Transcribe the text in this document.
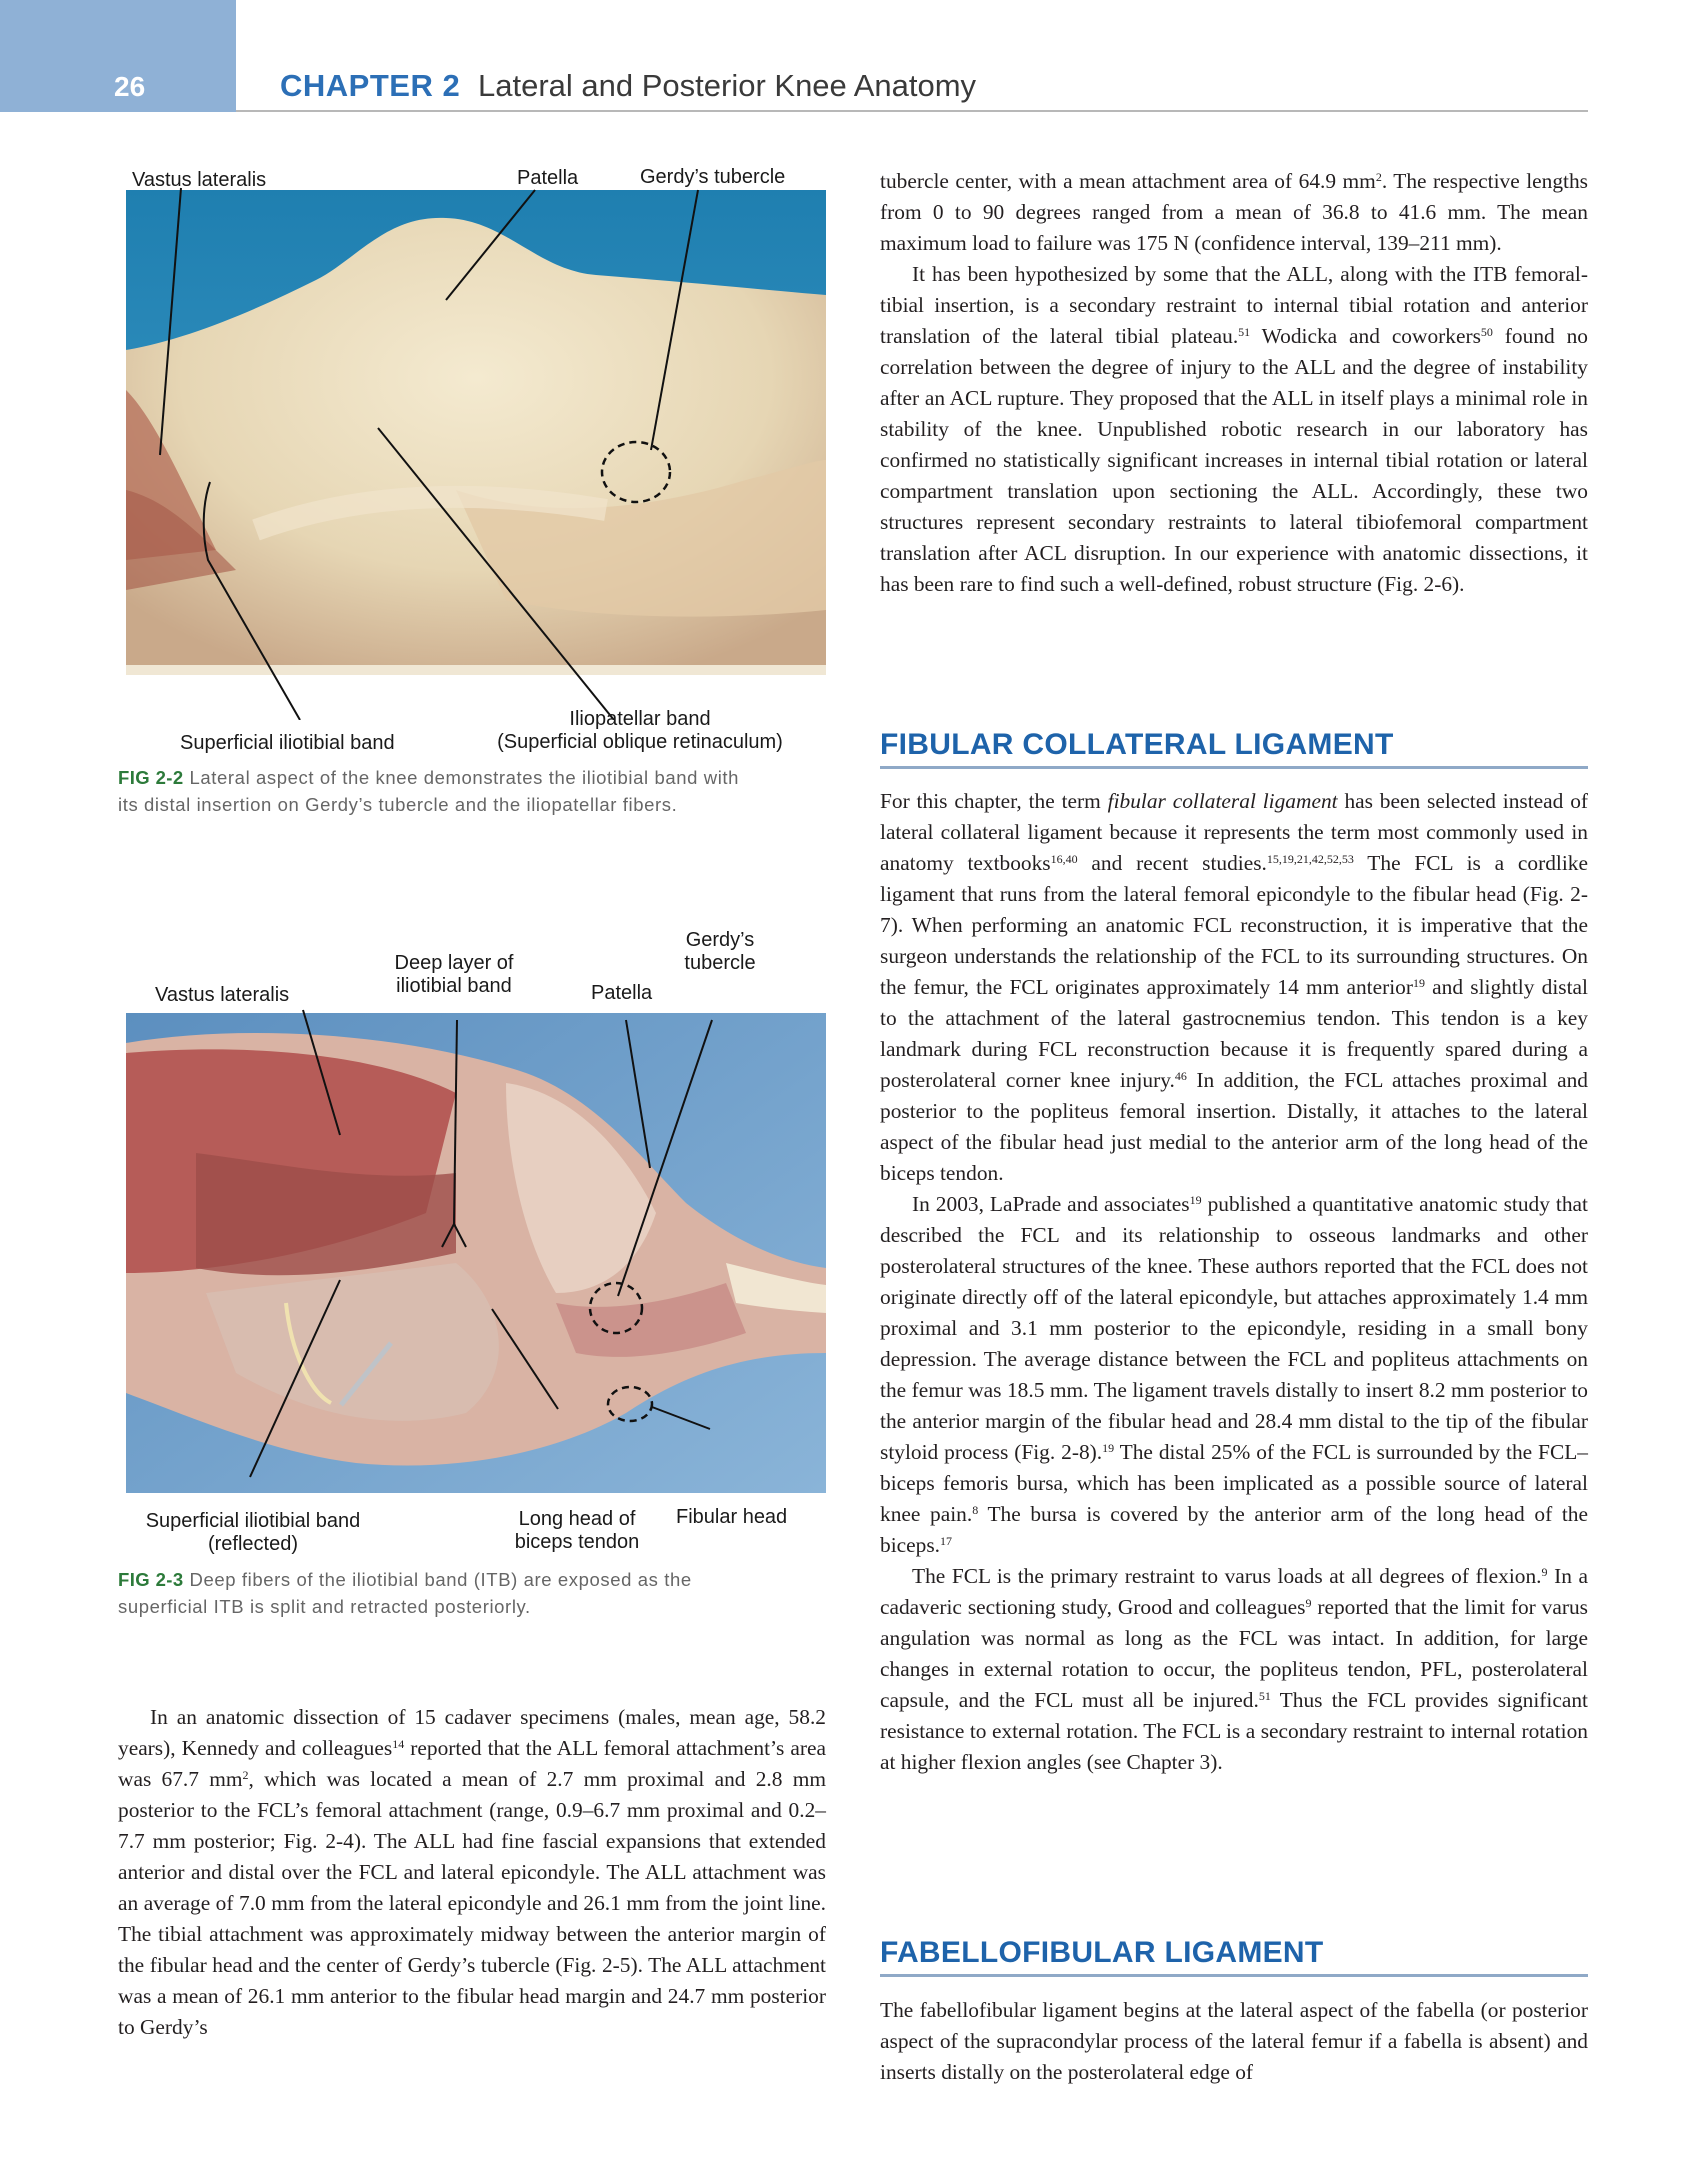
26	CHAPTER 2 Lateral and Posterior Knee Anatomy
Vastus lateralis	Patella	Gerdy’s tubercle
Superficial iliotibial band
Iliopatellar band
(Superficial oblique retinaculum)
FIG 2-2 Lateral aspect of the knee demonstrates the iliotibial band with
its distal insertion on Gerdy’s tubercle and the iliopatellar fibers.
Vastus lateralis
Deep layer of
iliotibial band	Patella
Gerdy’s
tubercle
Superficial iliotibial band
(reflected)
Long head of
biceps tendon
Fibular head
FIG 2-3 Deep fibers of the iliotibial band (ITB) are exposed as the
superficial ITB is split and retracted posteriorly.

In an anatomic dissection of 15 cadaver specimens (males, mean age, 58.2 years), Kennedy and colleagues$^{14}$ reported that the ALL femoral attachment’s area was 67.7 $mm^2$, which was located a mean of 2.7 mm proximal and 2.8 mm posterior to the FCL’s femoral attachment (range, 0.9–6.7 mm proximal and 0.2–7.7 mm posterior; Fig. 2-4). The ALL had fine fascial expansions that extended anterior and distal over the FCL and lateral epicondyle. The ALL attachment was an average of 7.0 mm from the lateral epicondyle and 26.1 mm from the joint line. The tibial attachment was approximately midway between the anterior margin of the fibular head and the center of Gerdy’s tubercle (Fig. 2-5). The ALL attachment was a mean of 26.1 mm anterior to the fibular head margin and 24.7 mm posterior to Gerdy’s

tubercle center, with a mean attachment area of 64.9 $mm^2$. The respective lengths from 0 to 90 degrees ranged from a mean of 36.8 to 41.6 mm. The mean maximum load to failure was 175 N (confidence interval, 139–211 mm).

It has been hypothesized by some that the ALL, along with the ITB femoral-tibial insertion, is a secondary restraint to internal tibial rotation and anterior translation of the lateral tibial plateau.$^{51}$ Wodicka and coworkers$^{50}$ found no correlation between the degree of injury to the ALL and the degree of instability after an ACL rupture. They proposed that the ALL in itself plays a minimal role in stability of the knee. Unpublished robotic research in our laboratory has confirmed no statistically significant increases in internal tibial rotation or lateral compartment translation upon sectioning the ALL. Accordingly, these two structures represent secondary restraints to lateral tibiofemoral compartment translation after ACL disruption. In our experience with anatomic dissections, it has been rare to find such a well-defined, robust structure (Fig. 2-6).

FIBULAR COLLATERAL LIGAMENT

For this chapter, the term fibular collateral ligament has been selected instead of lateral collateral ligament because it represents the term most commonly used in anatomy textbooks$^{16,40}$ and recent studies.$^{15,19,21,42,52,53}$ The FCL is a cordlike ligament that runs from the lateral femoral epicondyle to the fibular head (Fig. 2-7). When performing an anatomic FCL reconstruction, it is imperative that the surgeon understands the relationship of the FCL to its surrounding structures. On the femur, the FCL originates approximately 14 mm anterior$^{19}$ and slightly distal to the attachment of the lateral gastrocnemius tendon. This tendon is a key landmark during FCL reconstruction because it is frequently spared during a posterolateral corner knee injury.$^{46}$ In addition, the FCL attaches proximal and posterior to the popliteus femoral insertion. Distally, it attaches to the lateral aspect of the fibular head just medial to the anterior arm of the long head of the biceps tendon.

In 2003, LaPrade and associates$^{19}$ published a quantitative anatomic study that described the FCL and its relationship to osseous landmarks and other posterolateral structures of the knee. These authors reported that the FCL does not originate directly off of the lateral epicondyle, but attaches approximately 1.4 mm proximal and 3.1 mm posterior to the epicondyle, residing in a small bony depression. The average distance between the FCL and popliteus attachments on the femur was 18.5 mm. The ligament travels distally to insert 8.2 mm posterior to the anterior margin of the fibular head and 28.4 mm distal to the tip of the fibular styloid process (Fig. 2-8).$^{19}$ The distal 25% of the FCL is surrounded by the FCL–biceps femoris bursa, which has been implicated as a possible source of lateral knee pain.$^8$ The bursa is covered by the anterior arm of the long head of the biceps.$^{17}$

The FCL is the primary restraint to varus loads at all degrees of flexion.$^9$ In a cadaveric sectioning study, Grood and colleagues$^9$ reported that the limit for varus angulation was normal as long as the FCL was intact. In addition, for large changes in external rotation to occur, the popliteus tendon, PFL, posterolateral capsule, and the FCL must all be injured.$^{51}$ Thus the FCL provides significant resistance to external rotation. The FCL is a secondary restraint to internal rotation at higher flexion angles (see Chapter 3).

FABELLOFIBULAR LIGAMENT

The fabellofibular ligament begins at the lateral aspect of the fabella (or posterior aspect of the supracondylar process of the lateral femur if a fabella is absent) and inserts distally on the posterolateral edge of
